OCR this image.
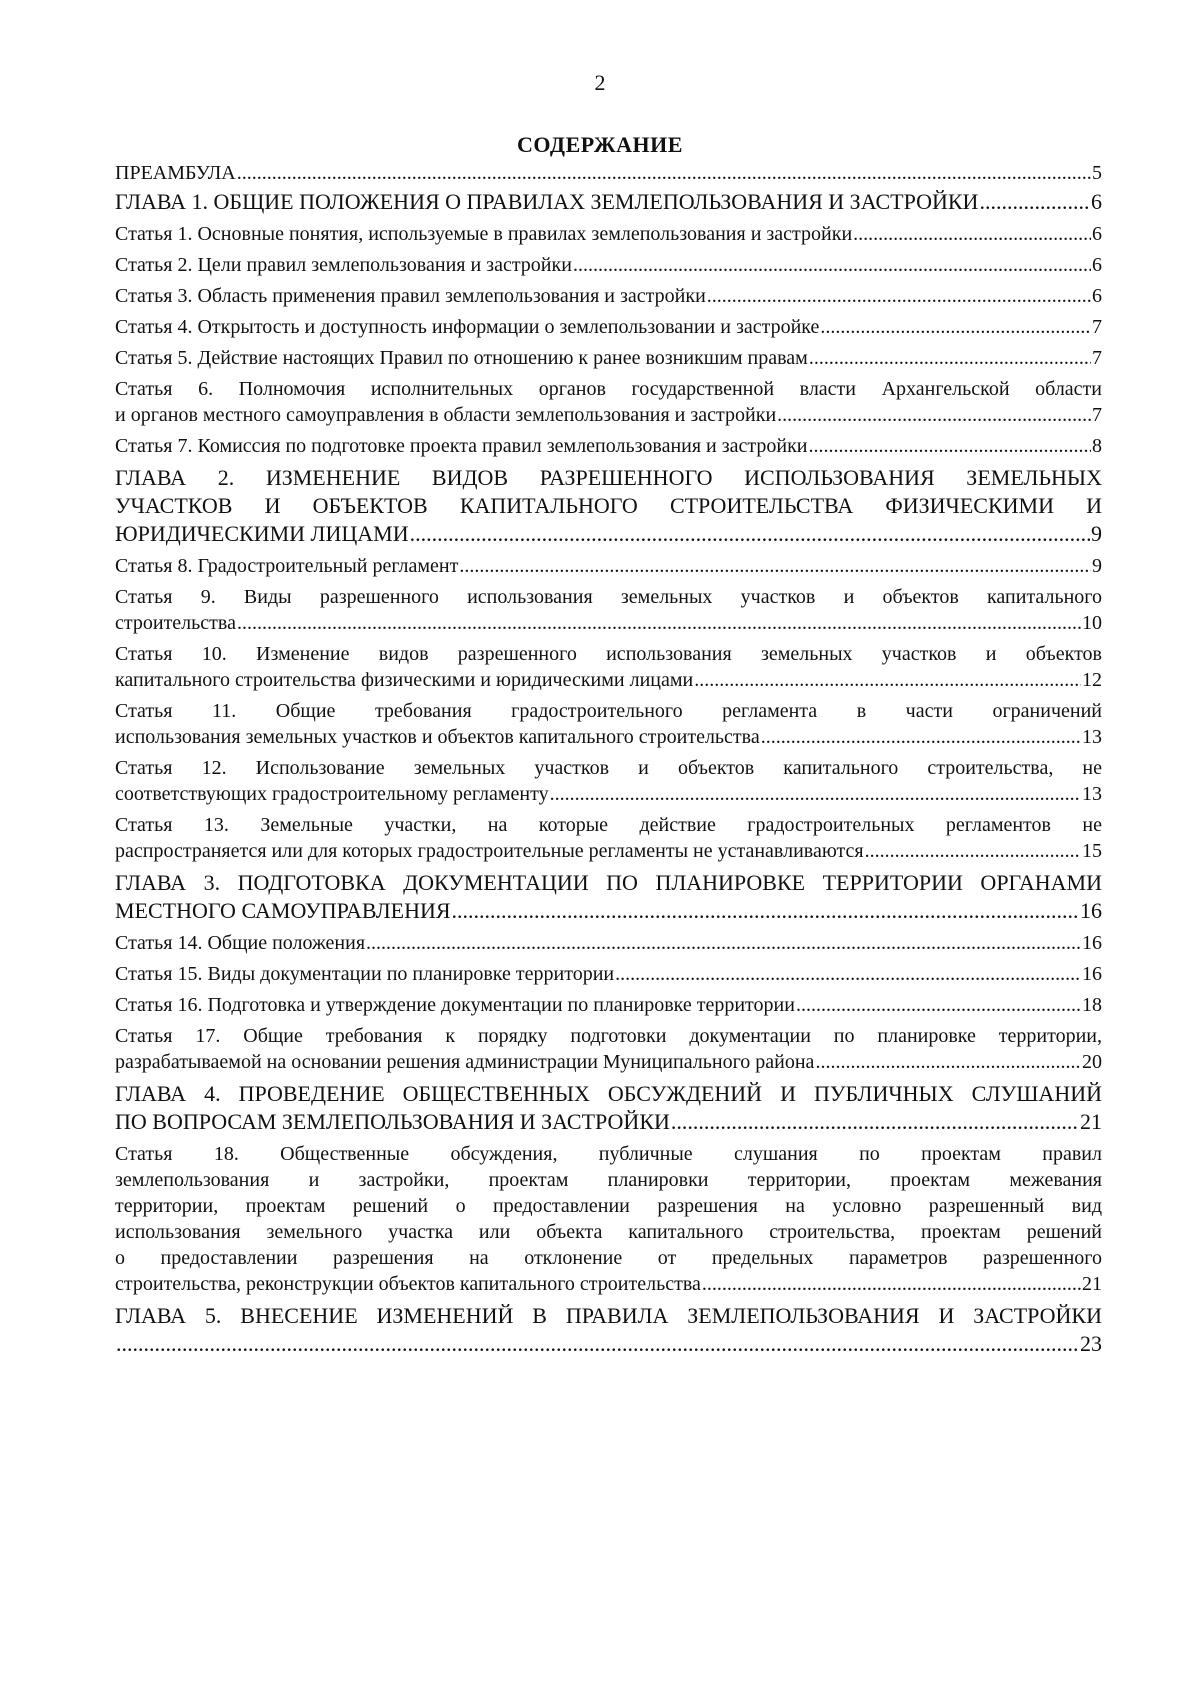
2
СОДЕРЖАНИЕ
ПРЕАМБУЛА .....	5
ГЛАВА 1. ОБЩИЕ ПОЛОЖЕНИЯ О ПРАВИЛАХ ЗЕМЛЕПОЛЬЗОВАНИЯ И ЗАСТРОЙКИ .....	6
Статья 1. Основные понятия, используемые в правилах землепользования и застройки .....	6
Статья 2. Цели правил землепользования и застройки .....	6
Статья 3. Область применения правил землепользования и застройки .....	6
Статья 4. Открытость и доступность информации о землепользовании и застройке .....	7
Статья 5. Действие настоящих Правил по отношению к ранее возникшим правам .....	7
Статья 6. Полномочия исполнительных органов государственной власти Архангельской области
и органов местного самоуправления в области землепользования и застройки .....	7
Статья 7. Комиссия по подготовке проекта правил землепользования и застройки .....	8
ГЛАВА 2. ИЗМЕНЕНИЕ ВИДОВ РАЗРЕШЕННОГО ИСПОЛЬЗОВАНИЯ ЗЕМЕЛЬНЫХ
УЧАСТКОВ И ОБЪЕКТОВ КАПИТАЛЬНОГО СТРОИТЕЛЬСТВА ФИЗИЧЕСКИМИ И
ЮРИДИЧЕСКИМИ ЛИЦАМИ .....	9
Статья 8. Градостроительный регламент .....	9
Статья 9. Виды разрешенного использования земельных участков и объектов капитального
строительства .....	10
Статья 10. Изменение видов разрешенного использования земельных участков и объектов
капитального строительства физическими и юридическими лицами .....	12
Статья 11. Общие требования градостроительного регламента в части ограничений
использования земельных участков и объектов капитального строительства .....	13
Статья 12. Использование земельных участков и объектов капитального строительства, не
соответствующих градостроительному регламенту .....	13
Статья 13. Земельные участки, на которые действие градостроительных регламентов не
распространяется или для которых градостроительные регламенты не устанавливаются .....	15
ГЛАВА 3. ПОДГОТОВКА ДОКУМЕНТАЦИИ ПО ПЛАНИРОВКЕ ТЕРРИТОРИИ ОРГАНАМИ
МЕСТНОГО САМОУПРАВЛЕНИЯ .....	16
Статья 14. Общие положения .....	16
Статья 15. Виды документации по планировке территории .....	16
Статья 16. Подготовка и утверждение документации по планировке территории .....	18
Статья 17. Общие требования к порядку подготовки документации по планировке территории,
разрабатываемой на основании решения администрации Муниципального района .....	20
ГЛАВА 4. ПРОВЕДЕНИЕ ОБЩЕСТВЕННЫХ ОБСУЖДЕНИЙ И ПУБЛИЧНЫХ СЛУШАНИЙ
ПО ВОПРОСАМ ЗЕМЛЕПОЛЬЗОВАНИЯ И ЗАСТРОЙКИ .....	21
Статья 18. Общественные обсуждения, публичные слушания по проектам правил
землепользования и застройки, проектам планировки территории, проектам межевания
территории, проектам решений о предоставлении разрешения на условно разрешенный вид
использования земельного участка или объекта капитального строительства, проектам решений
о предоставлении разрешения на отклонение от предельных параметров разрешенного
строительства, реконструкции объектов капитального строительства .....	21
ГЛАВА 5. ВНЕСЕНИЕ ИЗМЕНЕНИЙ В ПРАВИЛА ЗЕМЛЕПОЛЬЗОВАНИЯ И ЗАСТРОЙКИ
.....
23
